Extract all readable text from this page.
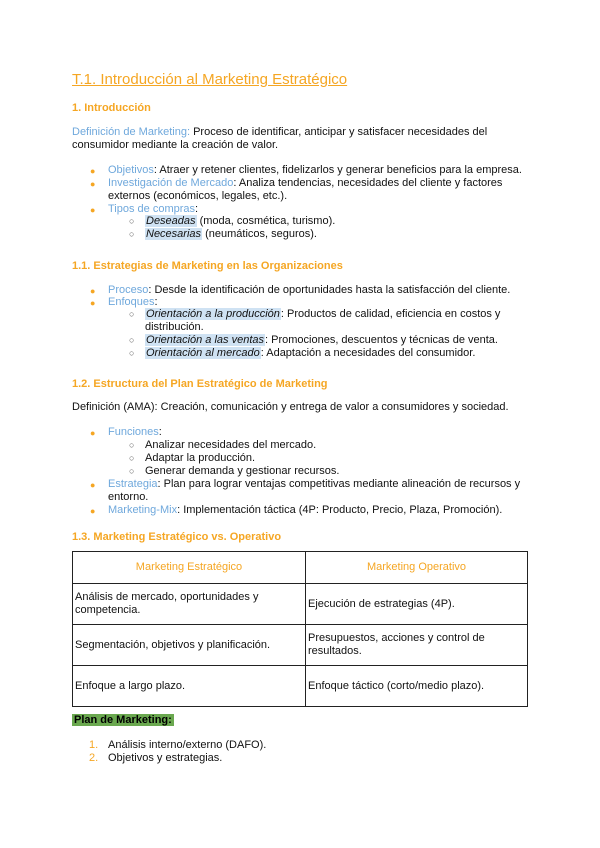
T.1. Introducción al Marketing Estratégico
1. Introducción
Definición de Marketing: Proceso de identificar, anticipar y satisfacer necesidades del
consumidor mediante la creación de valor.
● Objetivos: Atraer y retener clientes, fidelizarlos y generar beneficios para la empresa.
● Investigación de Mercado: Analiza tendencias, necesidades del cliente y factores
externos (económicos, legales, etc.).
● Tipos de compras:
○ Deseadas (moda, cosmética, turismo).
○ Necesarias (neumáticos, seguros).
1.1. Estrategias de Marketing en las Organizaciones
● Proceso: Desde la identificación de oportunidades hasta la satisfacción del cliente.
● Enfoques:
○ Orientación a la producción: Productos de calidad, eficiencia en costos y
distribución.
○ Orientación a las ventas: Promociones, descuentos y técnicas de venta.
○ Orientación al mercado: Adaptación a necesidades del consumidor.
1.2. Estructura del Plan Estratégico de Marketing
Definición (AMA): Creación, comunicación y entrega de valor a consumidores y sociedad.
● Funciones:
○ Analizar necesidades del mercado.
○ Adaptar la producción.
○ Generar demanda y gestionar recursos.
● Estrategia: Plan para lograr ventajas competitivas mediante alineación de recursos y
entorno.
● Marketing-Mix: Implementación táctica (4P: Producto, Precio, Plaza, Promoción).
1.3. Marketing Estratégico vs. Operativo
Marketing Estratégico	Marketing Operativo
Análisis de mercado, oportunidades y competencia.	Ejecución de estrategias (4P).
Segmentación, objetivos y planificación.	Presupuestos, acciones y control de resultados.
Enfoque a largo plazo.	Enfoque táctico (corto/medio plazo).
Plan de Marketing:
1. Análisis interno/externo (DAFO).
2. Objetivos y estrategias.
